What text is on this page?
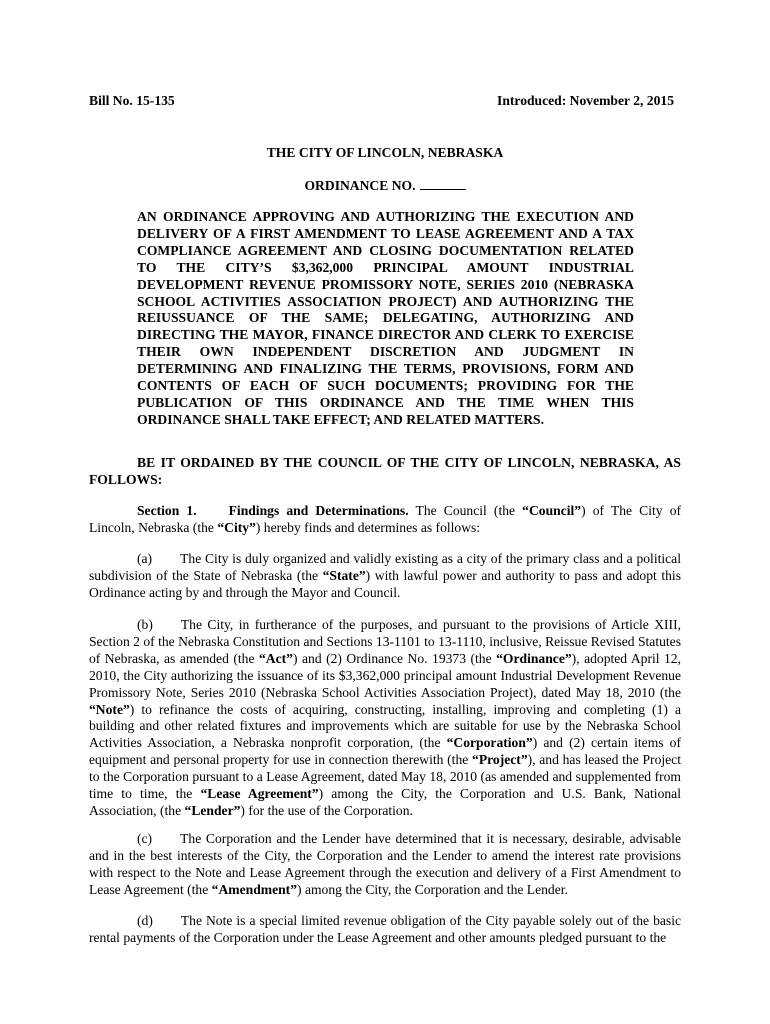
Bill No. 15-135	Introduced: November 2, 2015
THE CITY OF LINCOLN, NEBRASKA
ORDINANCE NO.
AN ORDINANCE APPROVING AND AUTHORIZING THE EXECUTION AND DELIVERY OF A FIRST AMENDMENT TO LEASE AGREEMENT AND A TAX COMPLIANCE AGREEMENT AND CLOSING DOCUMENTATION RELATED TO THE CITY’S $3,362,000 PRINCIPAL AMOUNT INDUSTRIAL DEVELOPMENT REVENUE PROMISSORY NOTE, SERIES 2010 (NEBRASKA SCHOOL ACTIVITIES ASSOCIATION PROJECT) AND AUTHORIZING THE REIUSSUANCE OF THE SAME; DELEGATING, AUTHORIZING AND DIRECTING THE MAYOR, FINANCE DIRECTOR AND CLERK TO EXERCISE THEIR OWN INDEPENDENT DISCRETION AND JUDGMENT IN DETERMINING AND FINALIZING THE TERMS, PROVISIONS, FORM AND CONTENTS OF EACH OF SUCH DOCUMENTS; PROVIDING FOR THE PUBLICATION OF THIS ORDINANCE AND THE TIME WHEN THIS ORDINANCE SHALL TAKE EFFECT; AND RELATED MATTERS.
BE IT ORDAINED BY THE COUNCIL OF THE CITY OF LINCOLN, NEBRASKA, AS FOLLOWS:
Section 1. Findings and Determinations. The Council (the “Council”) of The City of Lincoln, Nebraska (the “City”) hereby finds and determines as follows:
(a) The City is duly organized and validly existing as a city of the primary class and a political subdivision of the State of Nebraska (the “State”) with lawful power and authority to pass and adopt this Ordinance acting by and through the Mayor and Council.
(b) The City, in furtherance of the purposes, and pursuant to the provisions of Article XIII, Section 2 of the Nebraska Constitution and Sections 13-1101 to 13-1110, inclusive, Reissue Revised Statutes of Nebraska, as amended (the “Act”) and (2) Ordinance No. 19373 (the “Ordinance”), adopted April 12, 2010, the City authorizing the issuance of its $3,362,000 principal amount Industrial Development Revenue Promissory Note, Series 2010 (Nebraska School Activities Association Project), dated May 18, 2010 (the “Note”) to refinance the costs of acquiring, constructing, installing, improving and completing (1) a building and other related fixtures and improvements which are suitable for use by the Nebraska School Activities Association, a Nebraska nonprofit corporation, (the “Corporation”) and (2) certain items of equipment and personal property for use in connection therewith (the “Project”), and has leased the Project to the Corporation pursuant to a Lease Agreement, dated May 18, 2010 (as amended and supplemented from time to time, the “Lease Agreement”) among the City, the Corporation and U.S. Bank, National Association, (the “Lender”) for the use of the Corporation.
(c) The Corporation and the Lender have determined that it is necessary, desirable, advisable and in the best interests of the City, the Corporation and the Lender to amend the interest rate provisions with respect to the Note and Lease Agreement through the execution and delivery of a First Amendment to Lease Agreement (the “Amendment”) among the City, the Corporation and the Lender.
(d) The Note is a special limited revenue obligation of the City payable solely out of the basic rental payments of the Corporation under the Lease Agreement and other amounts pledged pursuant to the
